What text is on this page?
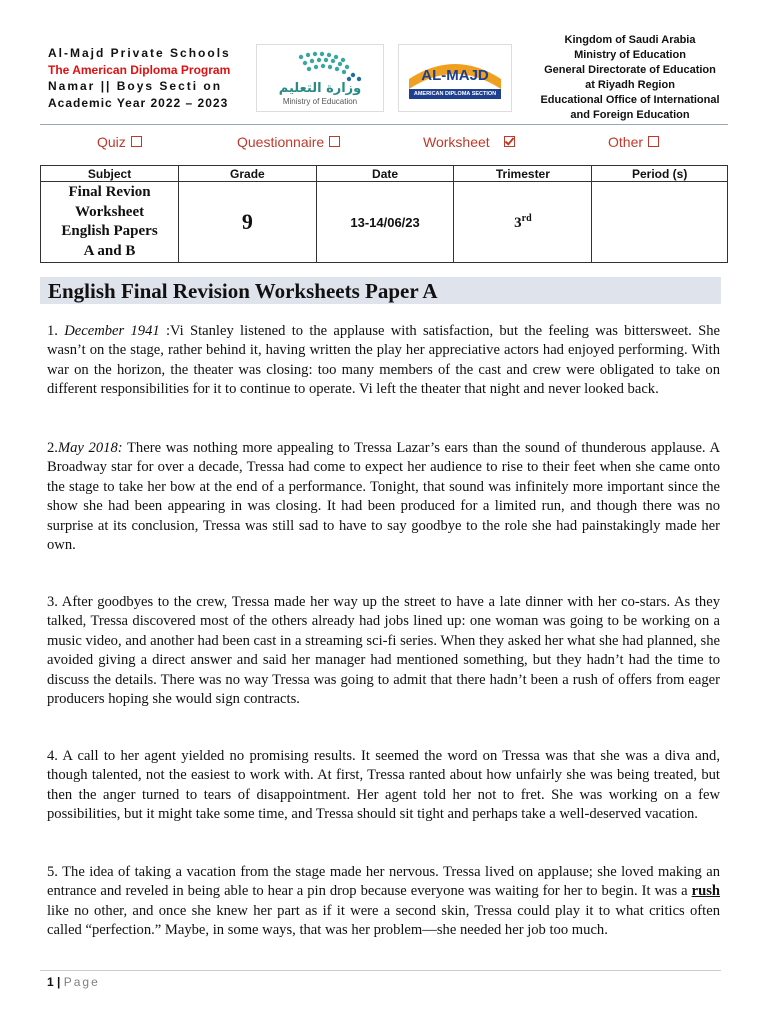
Al-Majd Private Schools
The American Diploma Program
Namar || Boys Secti on
Academic Year 2022 – 2023
وزارة التعليم
Ministry of Education
AL-MAJD
AMERICAN DIPLOMA SECTION
Kingdom of Saudi Arabia
Ministry of Education
General Directorate of Education
at Riyadh Region
Educational Office of International
and Foreign Education
Quiz	Questionnaire	Worksheet	Other
Subject	Grade	Date	Trimester	Period (s)

Final Revion
Worksheet
English Papers
A and B	9	13-14/06/23	3rd	
English Final Revision Worksheets Paper A

1. December 1941 :Vi Stanley listened to the applause with satisfaction, but the feeling was bittersweet. She wasn’t on the stage, rather behind it, having written the play her appreciative actors had enjoyed performing. With war on the horizon, the theater was closing: too many members of the cast and crew were obligated to take on different responsibilities for it to continue to operate. Vi left the theater that night and never looked back.

2.May 2018: There was nothing more appealing to Tressa Lazar’s ears than the sound of thunderous applause. A Broadway star for over a decade, Tressa had come to expect her audience to rise to their feet when she came onto the stage to take her bow at the end of a performance. Tonight, that sound was infinitely more important since the show she had been appearing in was closing. It had been produced for a limited run, and though there was no surprise at its conclusion, Tressa was still sad to have to say goodbye to the role she had painstakingly made her own.

3. After goodbyes to the crew, Tressa made her way up the street to have a late dinner with her co-stars. As they talked, Tressa discovered most of the others already had jobs lined up: one woman was going to be working on a music video, and another had been cast in a streaming sci-fi series. When they asked her what she had planned, she avoided giving a direct answer and said her manager had mentioned something, but they hadn’t had the time to discuss the details. There was no way Tressa was going to admit that there hadn’t been a rush of offers from eager producers hoping she would sign contracts.

4. A call to her agent yielded no promising results. It seemed the word on Tressa was that she was a diva and, though talented, not the easiest to work with. At first, Tressa ranted about how unfairly she was being treated, but then the anger turned to tears of disappointment. Her agent told her not to fret. She was working on a few possibilities, but it might take some time, and Tressa should sit tight and perhaps take a well-deserved vacation.

5. The idea of taking a vacation from the stage made her nervous. Tressa lived on applause; she loved making an entrance and reveled in being able to hear a pin drop because everyone was waiting for her to begin. It was a rush like no other, and once she knew her part as if it were a second skin, Tressa could play it to what critics often called “perfection.” Maybe, in some ways, that was her problem—she needed her job too much.

1 | Page
